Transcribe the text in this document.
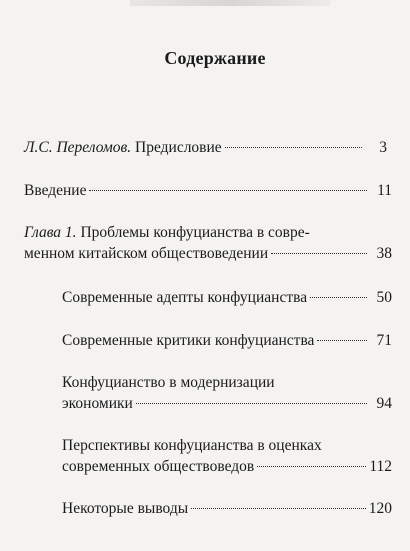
Содержание
Л.С. Переломов. Предисловие	3
Введение	11
Глава 1. Проблемы конфуцианства в совре-
менном китайском обществоведении	38
Современные адепты конфуцианства	50
Современные критики конфуцианства	71
Конфуцианство в модернизации
экономики	94
Перспективы конфуцианства в оценках
современных обществоведов	112
Некоторые выводы	120
